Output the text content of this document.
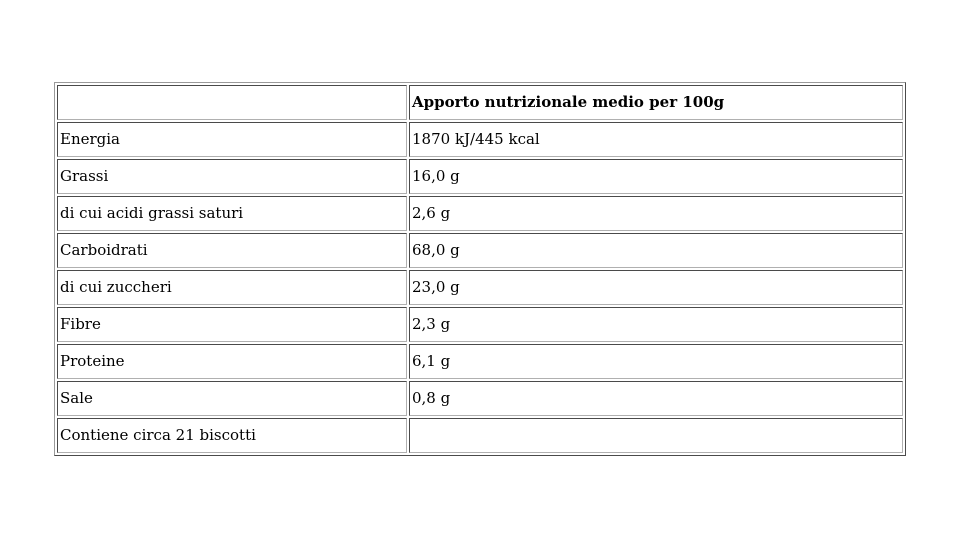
	Apporto nutrizionale medio per 100g
Energia	1870 kJ/445 kcal
Grassi	16,0 g
di cui acidi grassi saturi	2,6 g
Carboidrati	68,0 g
di cui zuccheri	23,0 g
Fibre	2,3 g
Proteine	6,1 g
Sale	0,8 g
Contiene circa 21 biscotti	
